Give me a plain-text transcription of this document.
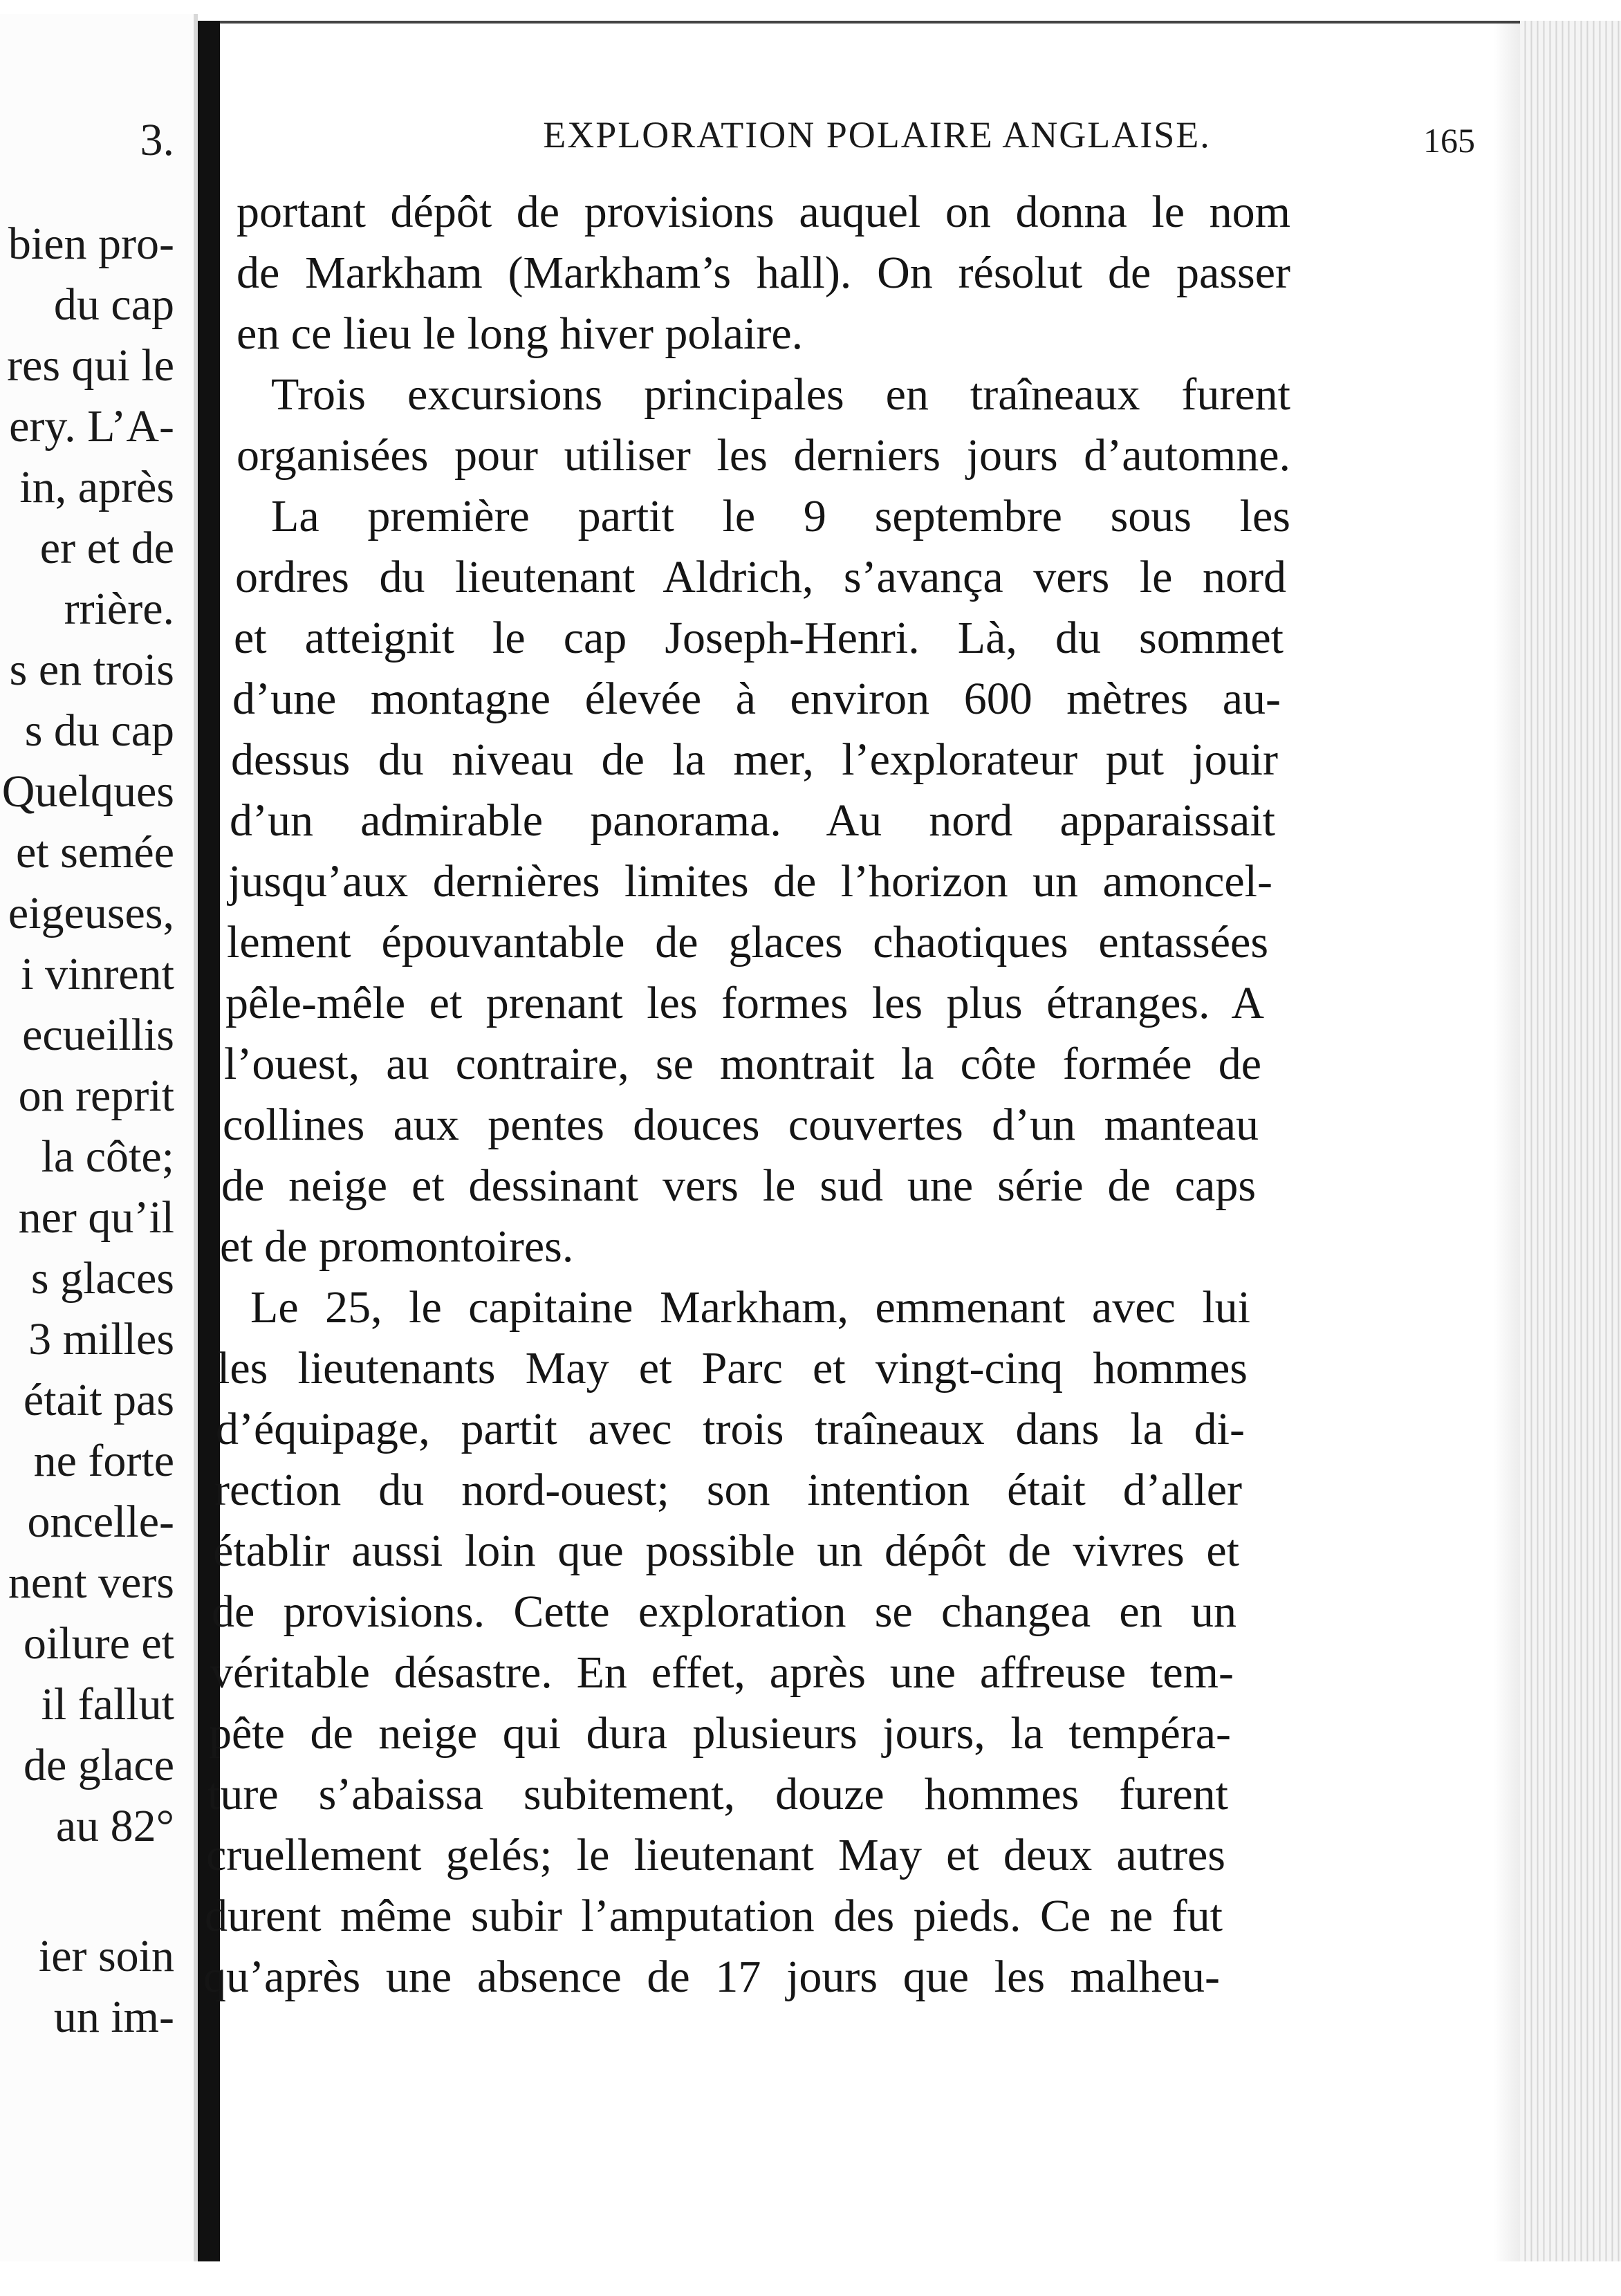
3.
bien pro-
du cap
res qui le
ery. L’A-
in, après
er et de
rrière.
s en trois
s du cap
Quelques
et semée
eigeuses,
i vinrent
ecueillis
on reprit
la côte;
ner qu’il
s glaces
3 milles
était pas
ne forte
oncelle-
nent vers
oilure et
il fallut
de glace
au 82°
ier soin
un im-
EXPLORATION POLAIRE ANGLAISE.	165
portant dépôt de provisions auquel on donna le nom
de Markham (Markham’s hall). On résolut de passer
en ce lieu le long hiver polaire.
Trois excursions principales en traîneaux furent
organisées pour utiliser les derniers jours d’automne.
La première partit le 9 septembre sous les
ordres du lieutenant Aldrich, s’avança vers le nord
et atteignit le cap Joseph-Henri. Là, du sommet
d’une montagne élevée à environ 600 mètres au-
dessus du niveau de la mer, l’explorateur put jouir
d’un admirable panorama. Au nord apparaissait
jusqu’aux dernières limites de l’horizon un amoncel-
lement épouvantable de glaces chaotiques entassées
pêle-mêle et prenant les formes les plus étranges. A
l’ouest, au contraire, se montrait la côte formée de
collines aux pentes douces couvertes d’un manteau
de neige et dessinant vers le sud une série de caps
et de promontoires.
Le 25, le capitaine Markham, emmenant avec lui
les lieutenants May et Parc et vingt-cinq hommes
d’équipage, partit avec trois traîneaux dans la di-
rection du nord-ouest; son intention était d’aller
établir aussi loin que possible un dépôt de vivres et
de provisions. Cette exploration se changea en un
véritable désastre. En effet, après une affreuse tem-
pête de neige qui dura plusieurs jours, la tempéra-
ture s’abaissa subitement, douze hommes furent
cruellement gelés; le lieutenant May et deux autres
durent même subir l’amputation des pieds. Ce ne fut
qu’après une absence de 17 jours que les malheu-
